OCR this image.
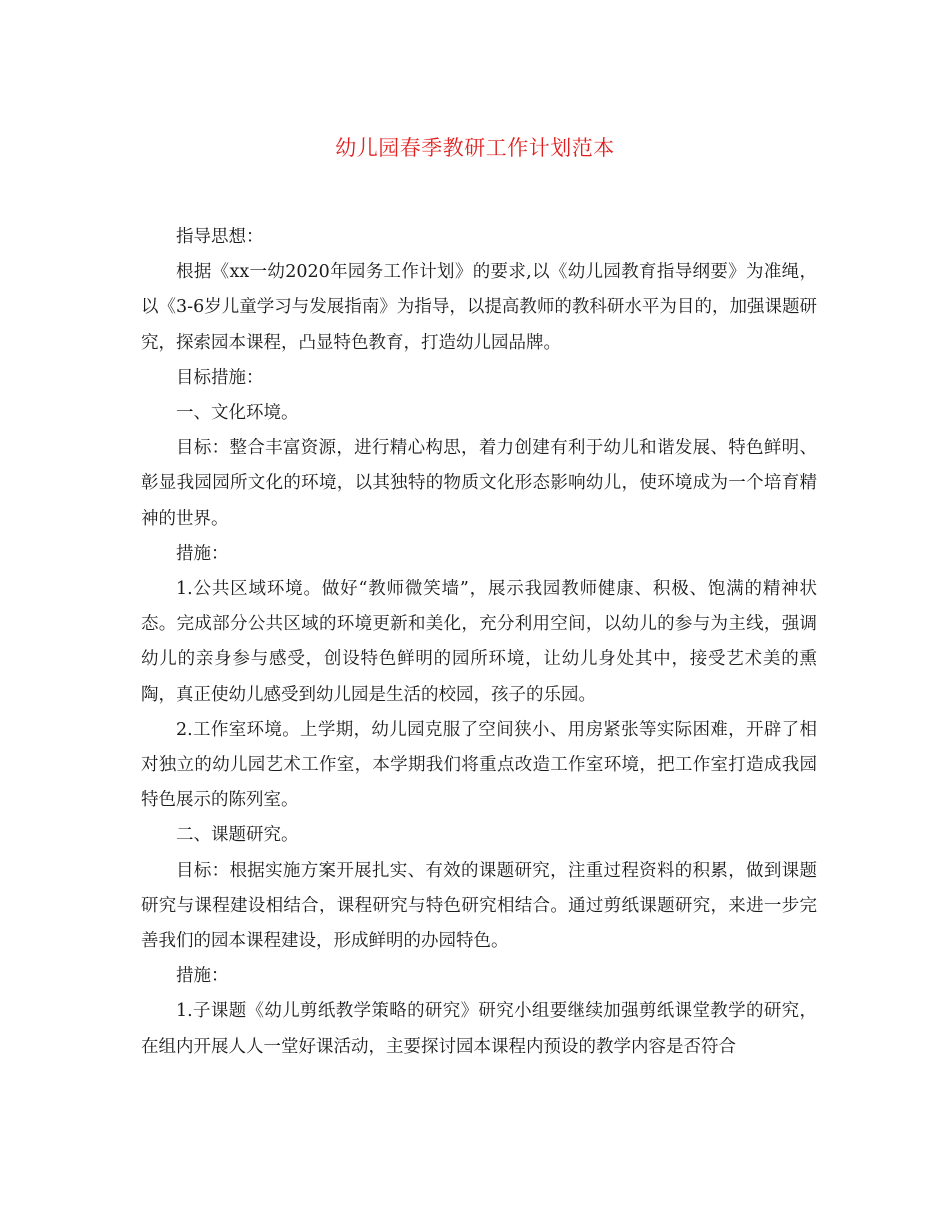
幼儿园春季教研工作计划范本

指导思想：

根据《xx一幼2020年园务工作计划》的要求,以《幼儿园教育指导纲要》为准绳，以《3-6岁儿童学习与发展指南》为指导，以提高教师的教科研水平为目的，加强课题研究，探索园本课程，凸显特色教育，打造幼儿园品牌。

目标措施：

一、文化环境。

目标：整合丰富资源，进行精心构思，着力创建有利于幼儿和谐发展、特色鲜明、彰显我园园所文化的环境，以其独特的物质文化形态影响幼儿，使环境成为一个培育精神的世界。

措施：

1.公共区域环境。做好“教师微笑墙”，展示我园教师健康、积极、饱满的精神状态。完成部分公共区域的环境更新和美化，充分利用空间，以幼儿的参与为主线，强调幼儿的亲身参与感受，创设特色鲜明的园所环境，让幼儿身处其中，接受艺术美的熏陶，真正使幼儿感受到幼儿园是生活的校园，孩子的乐园。

2.工作室环境。上学期，幼儿园克服了空间狭小、用房紧张等实际困难，开辟了相对独立的幼儿园艺术工作室，本学期我们将重点改造工作室环境，把工作室打造成我园特色展示的陈列室。

二、课题研究。

目标：根据实施方案开展扎实、有效的课题研究，注重过程资料的积累，做到课题研究与课程建设相结合，课程研究与特色研究相结合。通过剪纸课题研究，来进一步完善我们的园本课程建设，形成鲜明的办园特色。

措施：

1.子课题《幼儿剪纸教学策略的研究》研究小组要继续加强剪纸课堂教学的研究，在组内开展人人一堂好课活动，主要探讨园本课程内预设的教学内容是否符合
